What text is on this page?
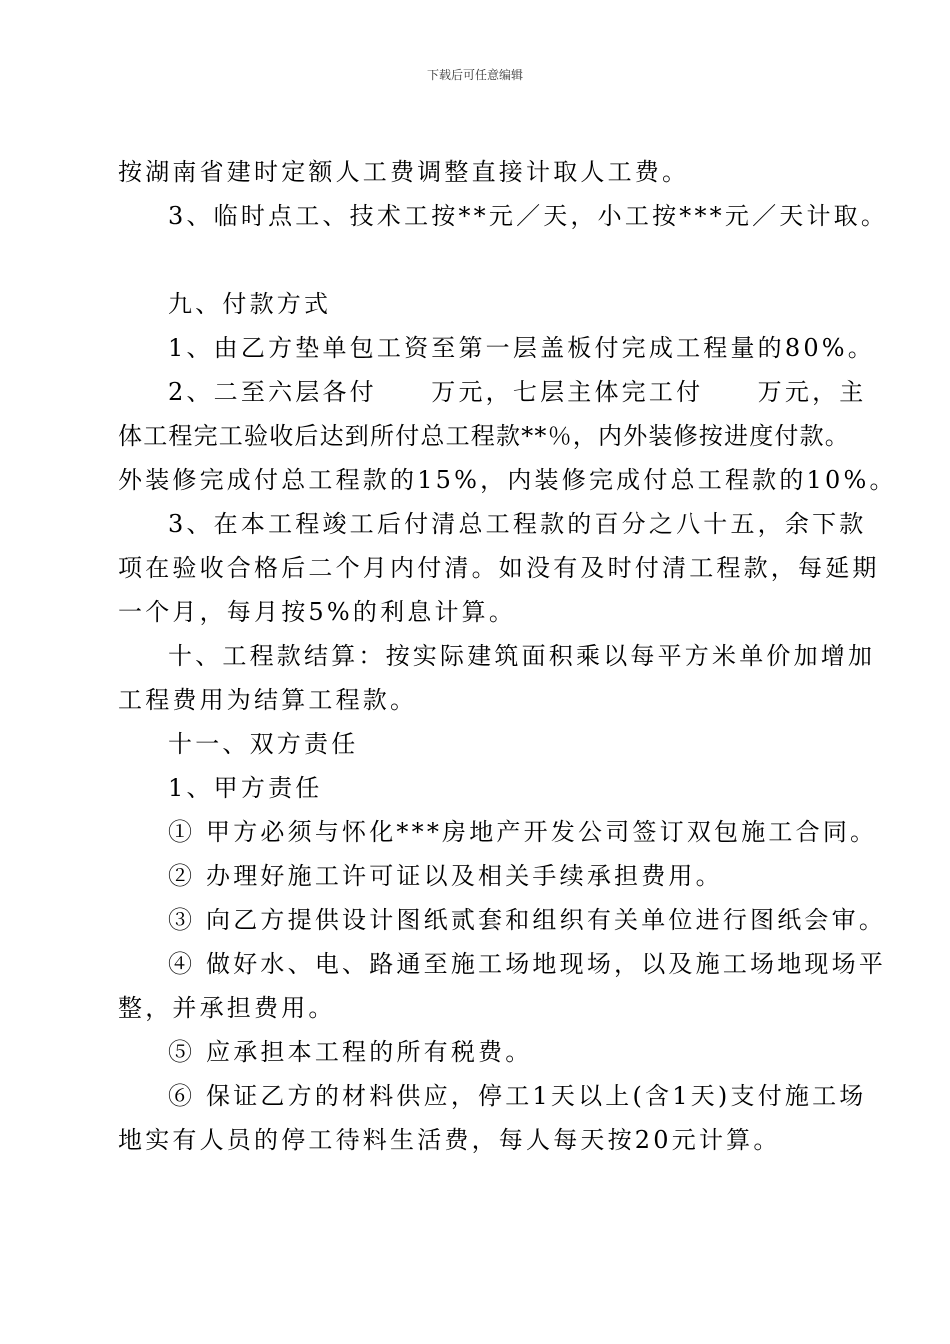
下载后可任意编辑
按湖南省建时定额人工费调整直接计取人工费。
3、临时点工、技术工按**元／天，小工按***元／天计取。
九、付款方式
1、由乙方垫单包工资至第一层盖板付完成工程量的80%。
2、二至六层各付　　万元，七层主体完工付　　万元，主
体工程完工验收后达到所付总工程款**％，内外装修按进度付款。
外装修完成付总工程款的15%，内装修完成付总工程款的10%。
3、在本工程竣工后付清总工程款的百分之八十五，余下款
项在验收合格后二个月内付清。如没有及时付清工程款，每延期
一个月，每月按5%的利息计算。
十、工程款结算：按实际建筑面积乘以每平方米单价加增加
工程费用为结算工程款。
十一、双方责任
1、甲方责任
① 甲方必须与怀化***房地产开发公司签订双包施工合同。
② 办理好施工许可证以及相关手续承担费用。
③ 向乙方提供设计图纸贰套和组织有关单位进行图纸会审。
④ 做好水、电、路通至施工场地现场，以及施工场地现场平
整，并承担费用。
⑤ 应承担本工程的所有税费。
⑥ 保证乙方的材料供应，停工1天以上(含1天)支付施工场
地实有人员的停工待料生活费，每人每天按20元计算。
